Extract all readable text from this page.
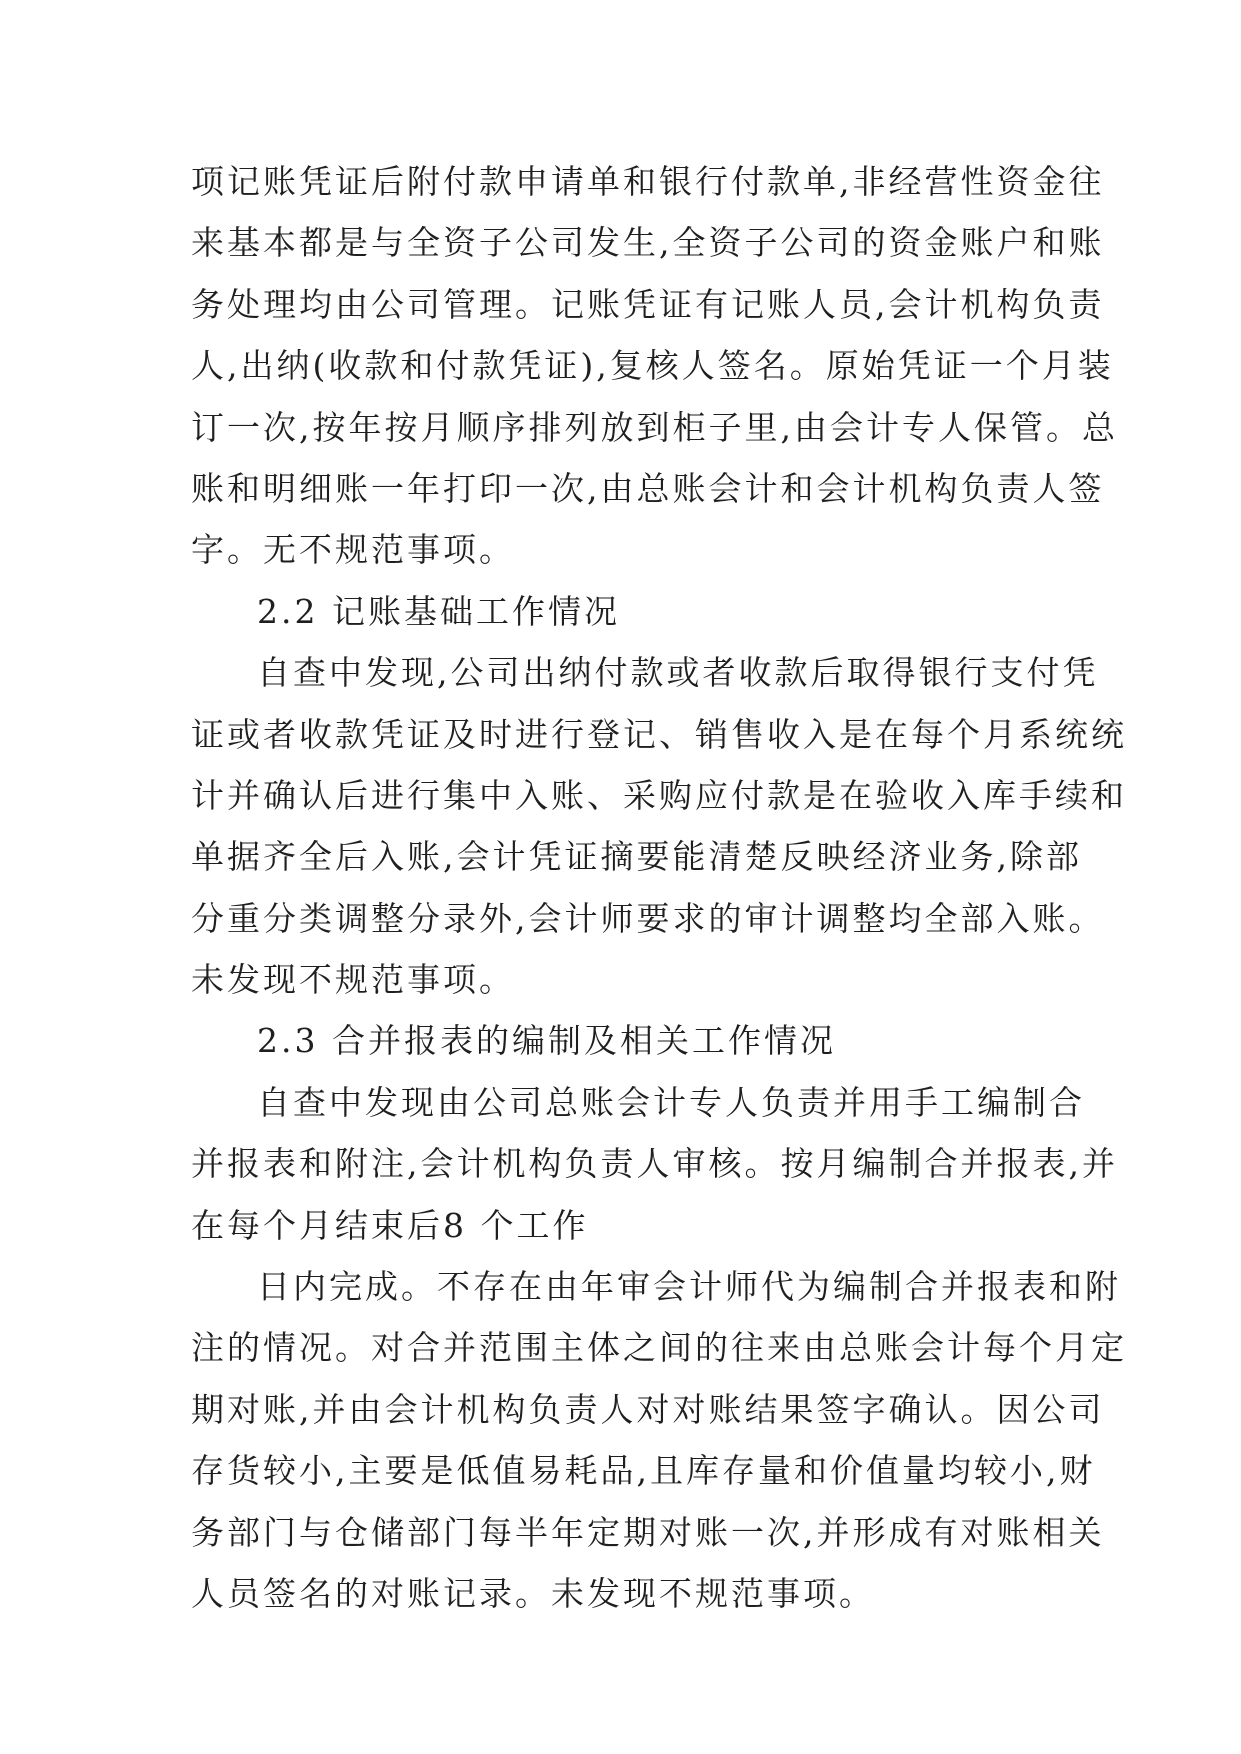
项记账凭证后附付款申请单和银行付款单,非经营性资金往
来基本都是与全资子公司发生,全资子公司的资金账户和账
务处理均由公司管理。记账凭证有记账人员,会计机构负责
人,出纳(收款和付款凭证),复核人签名。原始凭证一个月装
订一次,按年按月顺序排列放到柜子里,由会计专人保管。总
账和明细账一年打印一次,由总账会计和会计机构负责人签
字。无不规范事项。
2.2 记账基础工作情况
自查中发现,公司出纳付款或者收款后取得银行支付凭
证或者收款凭证及时进行登记、销售收入是在每个月系统统
计并确认后进行集中入账、采购应付款是在验收入库手续和
单据齐全后入账,会计凭证摘要能清楚反映经济业务,除部
分重分类调整分录外,会计师要求的审计调整均全部入账。
未发现不规范事项。
2.3 合并报表的编制及相关工作情况
自查中发现由公司总账会计专人负责并用手工编制合
并报表和附注,会计机构负责人审核。按月编制合并报表,并
在每个月结束后8 个工作
日内完成。不存在由年审会计师代为编制合并报表和附
注的情况。对合并范围主体之间的往来由总账会计每个月定
期对账,并由会计机构负责人对对账结果签字确认。因公司
存货较小,主要是低值易耗品,且库存量和价值量均较小,财
务部门与仓储部门每半年定期对账一次,并形成有对账相关
人员签名的对账记录。未发现不规范事项。
